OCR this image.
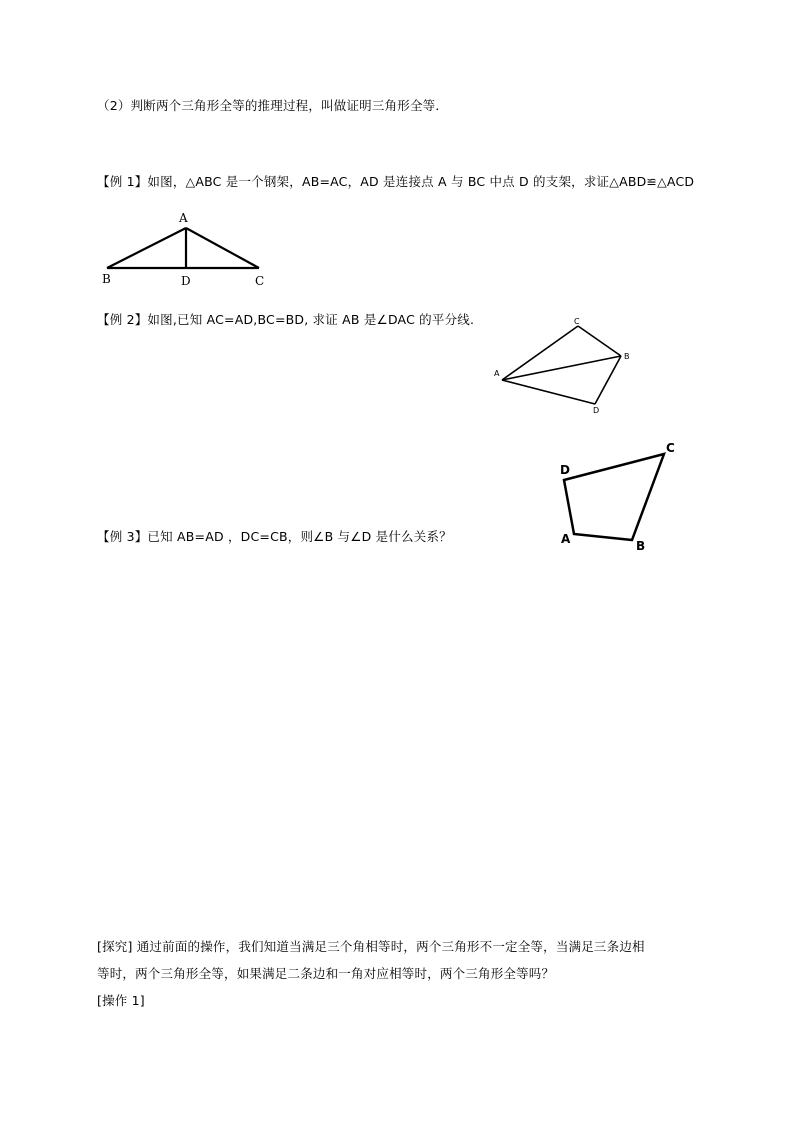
（2）判断两个三角形全等的推理过程，叫做证明三角形全等．
【例 1】如图，△ABC 是一个钢架，AB=AC，AD 是连接点 A 与 BC 中点 D 的支架，求证△ABD≌△ACD
A
B	D	C
【例 2】如图,已知 AC=AD,BC=BD, 求证 AB 是∠DAC 的平分线.	C
B
A
D
D
C
A	B
【例 3】已知 AB=AD ，DC=CB，则∠B 与∠D 是什么关系？
[探究] 通过前面的操作，我们知道当满足三个角相等时，两个三角形不一定全等，当满足三条边相
等时，两个三角形全等，如果满足二条边和一角对应相等时，两个三角形全等吗？
[操作 1]
